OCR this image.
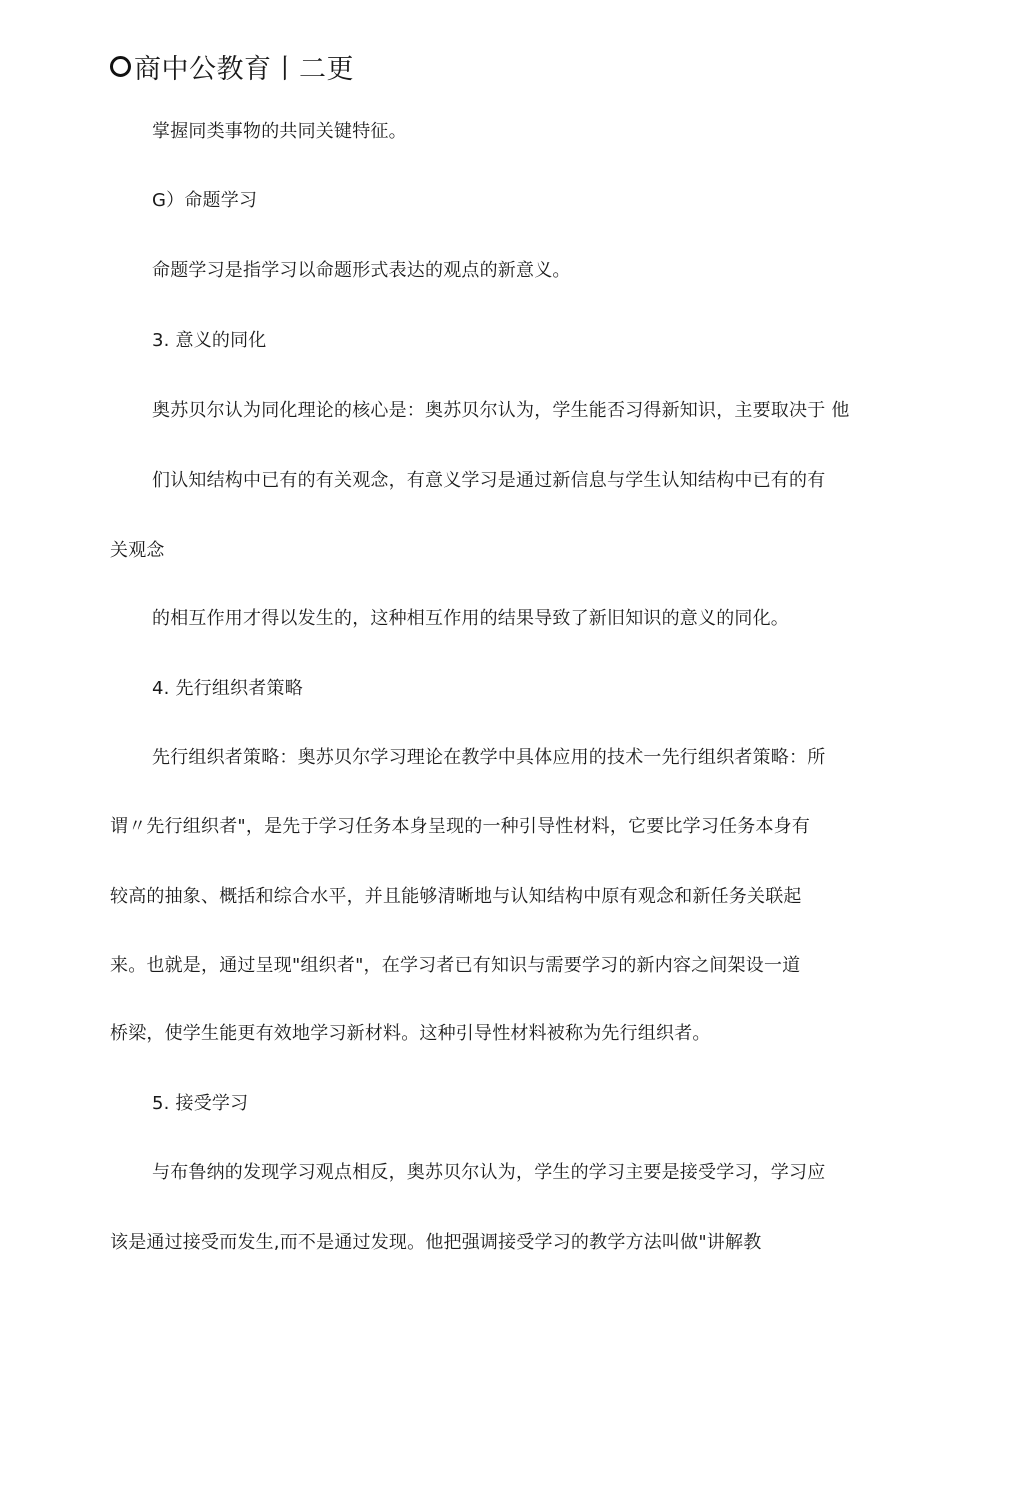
商中公教育丨二更
掌握同类事物的共同关键特征。
G）命题学习
命题学习是指学习以命题形式表达的观点的新意义。
3. 意义的同化
奥苏贝尔认为同化理论的核心是：奥苏贝尔认为，学生能否习得新知识，主要取决于 他
们认知结构中已有的有关观念，有意义学习是通过新信息与学生认知结构中已有的有
关观念
的相互作用才得以发生的，这种相互作用的结果导致了新旧知识的意义的同化。
4. 先行组织者策略
先行组织者策略：奥苏贝尔学习理论在教学中具体应用的技术一先行组织者策略：所
谓〃先行组织者"，是先于学习任务本身呈现的一种引导性材料，它要比学习任务本身有
较高的抽象、概括和综合水平，并且能够清晰地与认知结构中原有观念和新任务关联起
来。也就是，通过呈现"组织者"，在学习者已有知识与需要学习的新内容之间架设一道
桥梁，使学生能更有效地学习新材料。这种引导性材料被称为先行组织者。
5. 接受学习
与布鲁纳的发现学习观点相反，奥苏贝尔认为，学生的学习主要是接受学习，学习应
该是通过接受而发生,而不是通过发现。他把强调接受学习的教学方法叫做"讲解教
